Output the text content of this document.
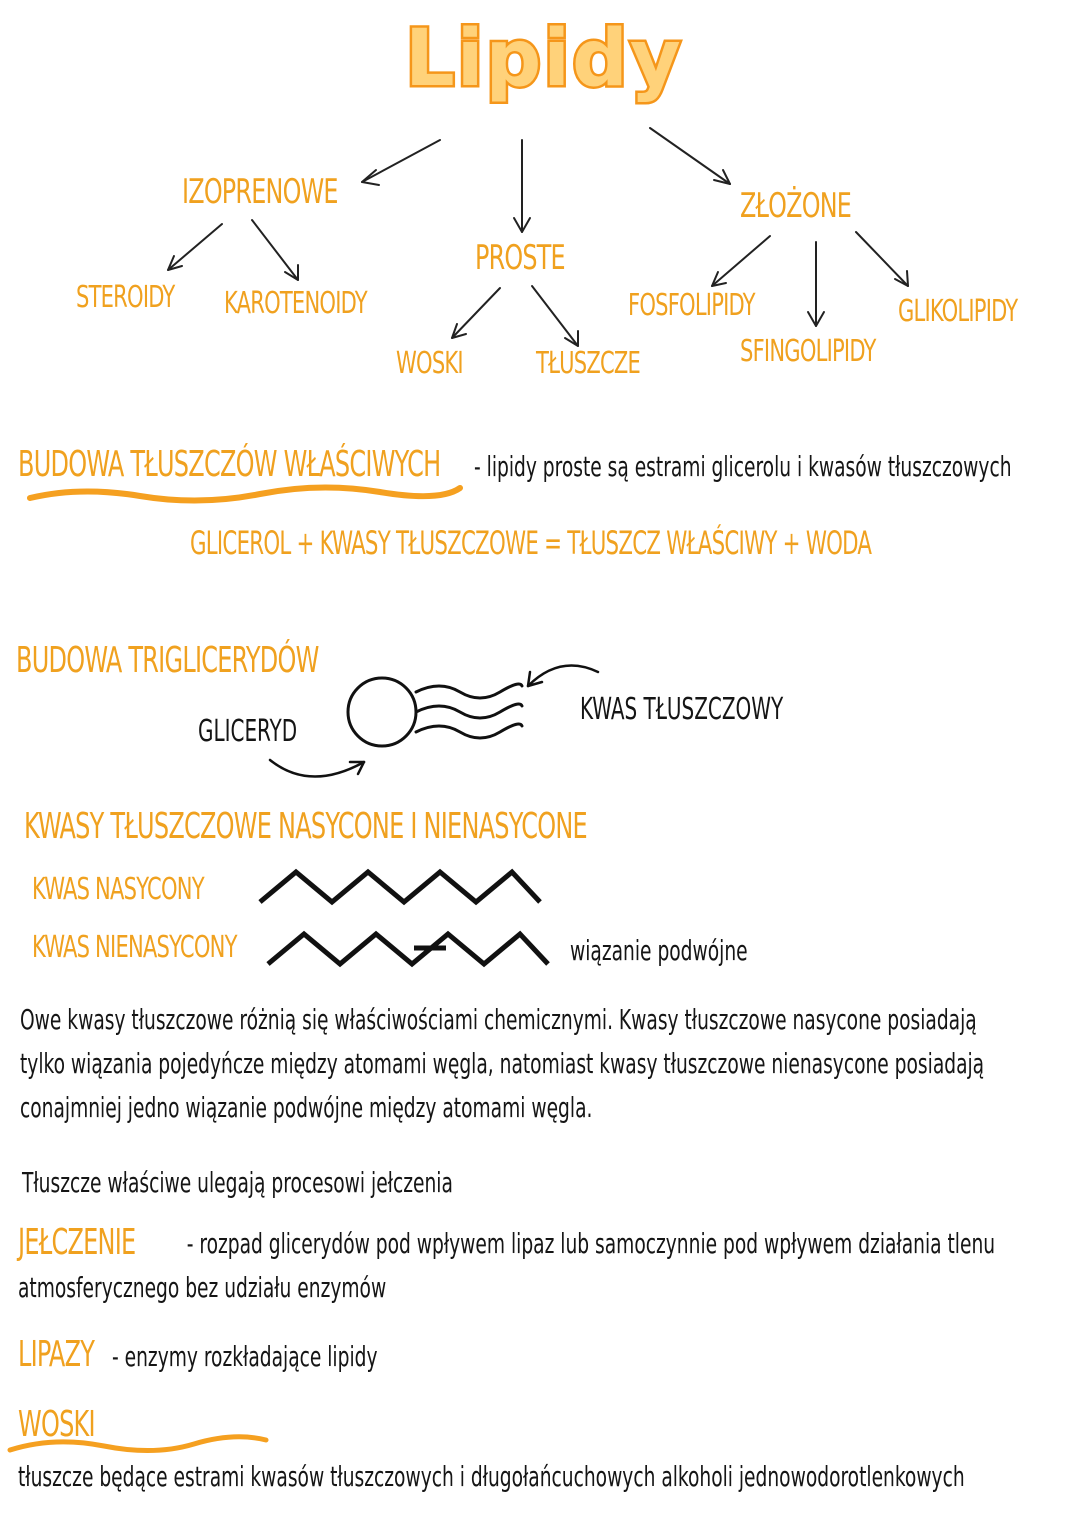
Lipidy
IZOPRENOWE
STEROIDY KAROTENOIDY
PROSTE
WOSKI TŁUSZCZE
ZŁOŻONE
FOSFOLIPIDY
SFINGOLIPIDY
GLIKOLIPIDY
BUDOWA TŁUSZCZÓW WŁAŚCIWYCH - lipidy proste są estrami glicerolu i kwasów tłuszczowych
GLICEROL + KWASY TŁUSZCZOWE = TŁUSZCZ WŁAŚCIWY + WODA
BUDOWA TRIGLICERYDÓW
GLICERYD
KWAS TŁUSZCZOWY
KWASY TŁUSZCZOWE NASYCONE I NIENASYCONE
KWAS NASYCONY
KWAS NIENASYCONY	wiązanie podwójne
Owe kwasy tłuszczowe różnią się właściwościami chemicznymi. Kwasy tłuszczowe nasycone posiadają tylko wiązania pojedyńcze między atomami węgla, natomiast kwasy tłuszczowe nienasycone posiadają conajmniej jedno wiązanie podwójne między atomami węgla.
Tłuszcze właściwe ulegają procesowi jełczenia
JEŁCZENIE	- rozpad glicerydów pod wpływem lipaz lub samoczynnie pod wpływem działania tlenu atmosferycznego bez udziału enzymów
LIPAZY - enzymy rozkładające lipidy
WOSKI
tłuszcze będące estrami kwasów tłuszczowych i długołańcuchowych alkoholi jednowodorotlenkowych
